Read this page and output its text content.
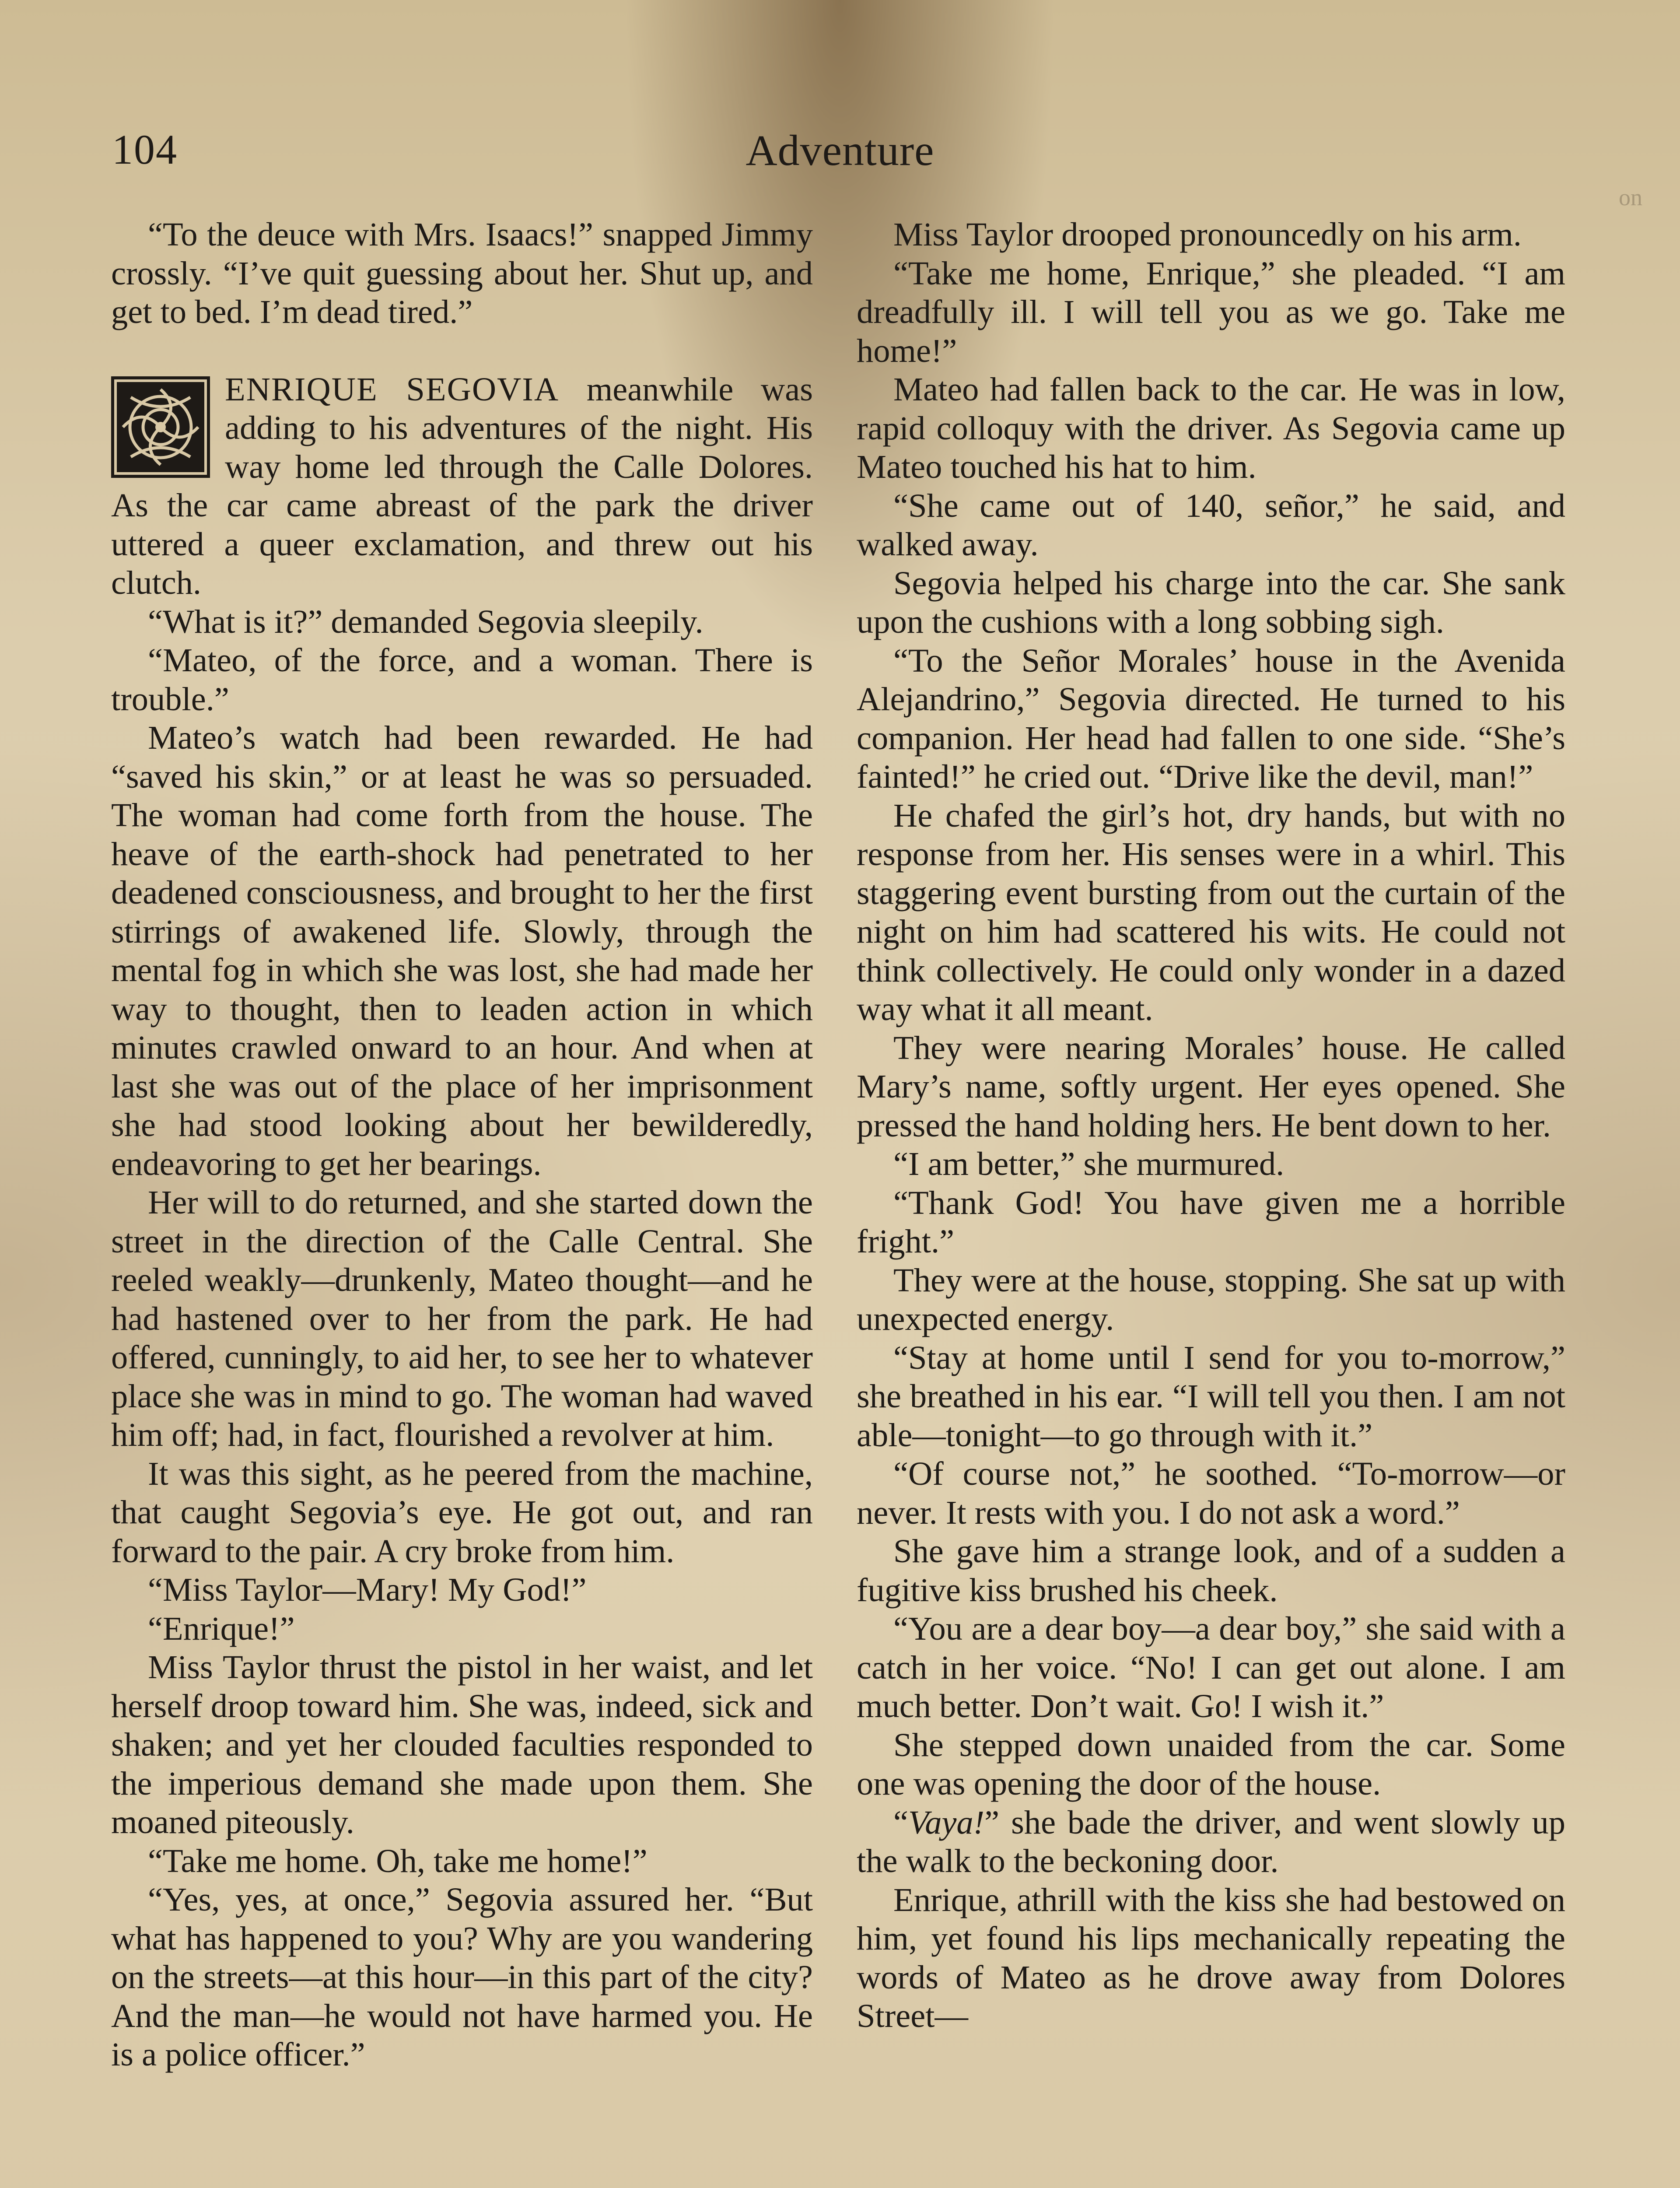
104	Adventure
on

“To the deuce with Mrs. Isaacs!” snapped Jimmy crossly. “I’ve quit guessing about her. Shut up, and get to bed. I’m dead tired.”

ENRIQUE SEGOVIA meanwhile was adding to his adventures of the night. His way home led through the Calle Dolores. As the car came abreast of the park the driver uttered a queer exclamation, and threw out his clutch.

“What is it?” demanded Segovia sleepily.

“Mateo, of the force, and a woman. There is trouble.”

Mateo’s watch had been rewarded. He had “saved his skin,” or at least he was so persuaded. The woman had come forth from the house. The heave of the earth-shock had penetrated to her deadened consciousness, and brought to her the first stirrings of awakened life. Slowly, through the mental fog in which she was lost, she had made her way to thought, then to leaden action in which minutes crawled onward to an hour. And when at last she was out of the place of her imprisonment she had stood looking about her bewilderedly, endeavoring to get her bearings.

Her will to do returned, and she started down the street in the direction of the Calle Central. She reeled weakly—drunkenly, Mateo thought—and he had hastened over to her from the park. He had offered, cunningly, to aid her, to see her to whatever place she was in mind to go. The woman had waved him off; had, in fact, flourished a revolver at him.

It was this sight, as he peered from the machine, that caught Segovia’s eye. He got out, and ran forward to the pair. A cry broke from him.

“Miss Taylor—Mary! My God!”

“Enrique!”

Miss Taylor thrust the pistol in her waist, and let herself droop toward him. She was, indeed, sick and shaken; and yet her clouded faculties responded to the imperious demand she made upon them. She moaned piteously.

“Take me home. Oh, take me home!”

“Yes, yes, at once,” Segovia assured her. “But what has happened to you? Why are you wandering on the streets—at this hour—in this part of the city? And the man—he would not have harmed you. He is a police officer.”

Miss Taylor drooped pronouncedly on his arm.

“Take me home, Enrique,” she pleaded. “I am dreadfully ill. I will tell you as we go. Take me home!”

Mateo had fallen back to the car. He was in low, rapid colloquy with the driver. As Segovia came up Mateo touched his hat to him.

“She came out of 140, señor,” he said, and walked away.

Segovia helped his charge into the car. She sank upon the cushions with a long sobbing sigh.

“To the Señor Morales’ house in the Avenida Alejandrino,” Segovia directed. He turned to his companion. Her head had fallen to one side. “She’s fainted!” he cried out. “Drive like the devil, man!”

He chafed the girl’s hot, dry hands, but with no response from her. His senses were in a whirl. This staggering event bursting from out the curtain of the night on him had scattered his wits. He could not think collectively. He could only wonder in a dazed way what it all meant.

They were nearing Morales’ house. He called Mary’s name, softly urgent. Her eyes opened. She pressed the hand holding hers. He bent down to her.

“I am better,” she murmured.

“Thank God! You have given me a horrible fright.”

They were at the house, stopping. She sat up with unexpected energy.

“Stay at home until I send for you to-morrow,” she breathed in his ear. “I will tell you then. I am not able—tonight—to go through with it.”

“Of course not,” he soothed. “To-morrow—or never. It rests with you. I do not ask a word.”

She gave him a strange look, and of a sudden a fugitive kiss brushed his cheek.

“You are a dear boy—a dear boy,” she said with a catch in her voice. “No! I can get out alone. I am much better. Don’t wait. Go! I wish it.”

She stepped down unaided from the car. Some one was opening the door of the house.

“Vaya!” she bade the driver, and went slowly up the walk to the beckoning door.

Enrique, athrill with the kiss she had bestowed on him, yet found his lips mechanically repeating the words of Mateo as he drove away from Dolores Street—
